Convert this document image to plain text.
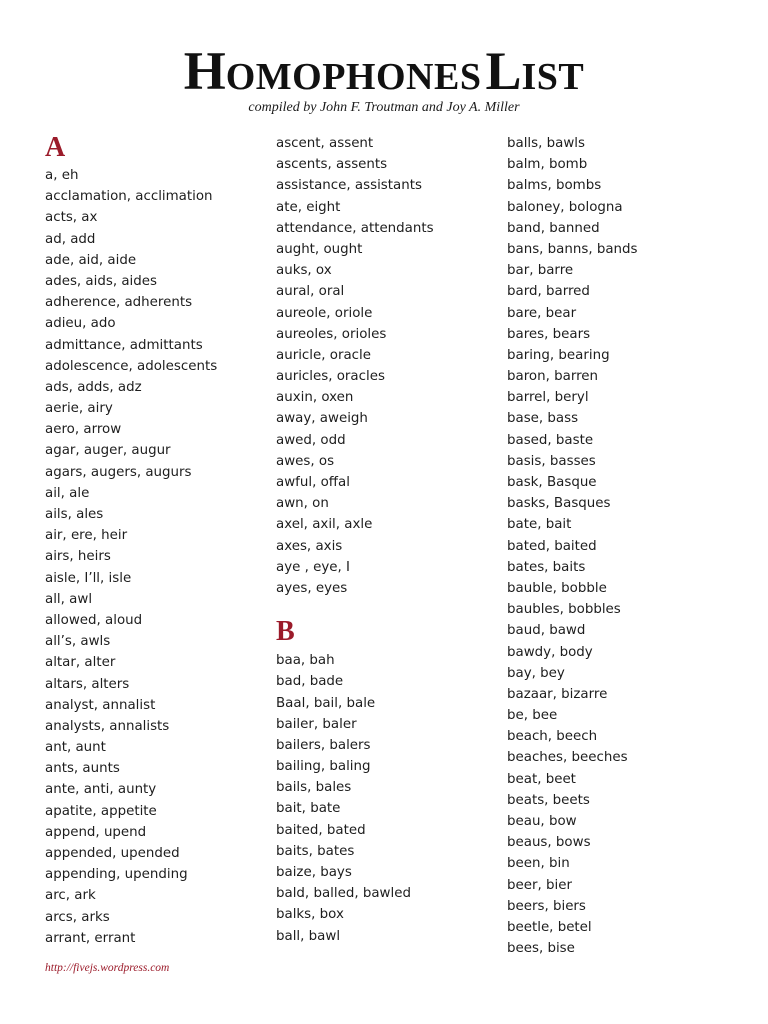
HOMOPHONES LIST
compiled by John F. Troutman and Joy A. Miller
A
a, eh
acclamation, acclimation
acts, ax
ad, add
ade, aid, aide
ades, aids, aides
adherence, adherents
adieu, ado
admittance, admittants
adolescence, adolescents
ads, adds, adz
aerie, airy
aero, arrow
agar, auger, augur
agars, augers, augurs
ail, ale
ails, ales
air, ere, heir
airs, heirs
aisle, I’ll, isle
all, awl
allowed, aloud
all’s, awls
altar, alter
altars, alters
analyst, annalist
analysts, annalists
ant, aunt
ants, aunts
ante, anti, aunty
apatite, appetite
append, upend
appended, upended
appending, upending
arc, ark
arcs, arks
arrant, errant
ascent, assent
ascents, assents
assistance, assistants
ate, eight
attendance, attendants
aught, ought
auks, ox
aural, oral
aureole, oriole
aureoles, orioles
auricle, oracle
auricles, oracles
auxin, oxen
away, aweigh
awed, odd
awes, os
awful, offal
awn, on
axel, axil, axle
axes, axis
aye , eye, I
ayes, eyes
B
baa, bah
bad, bade
Baal, bail, bale
bailer, baler
bailers, balers
bailing, baling
bails, bales
bait, bate
baited, bated
baits, bates
baize, bays
bald, balled, bawled
balks, box
ball, bawl
balls, bawls
balm, bomb
balms, bombs
baloney, bologna
band, banned
bans, banns, bands
bar, barre
bard, barred
bare, bear
bares, bears
baring, bearing
baron, barren
barrel, beryl
base, bass
based, baste
basis, basses
bask, Basque
basks, Basques
bate, bait
bated, baited
bates, baits
bauble, bobble
baubles, bobbles
baud, bawd
bawdy, body
bay, bey
bazaar, bizarre
be, bee
beach, beech
beaches, beeches
beat, beet
beats, beets
beau, bow
beaus, bows
been, bin
beer, bier
beers, biers
beetle, betel
bees, bise
http://fivejs.wordpress.com
